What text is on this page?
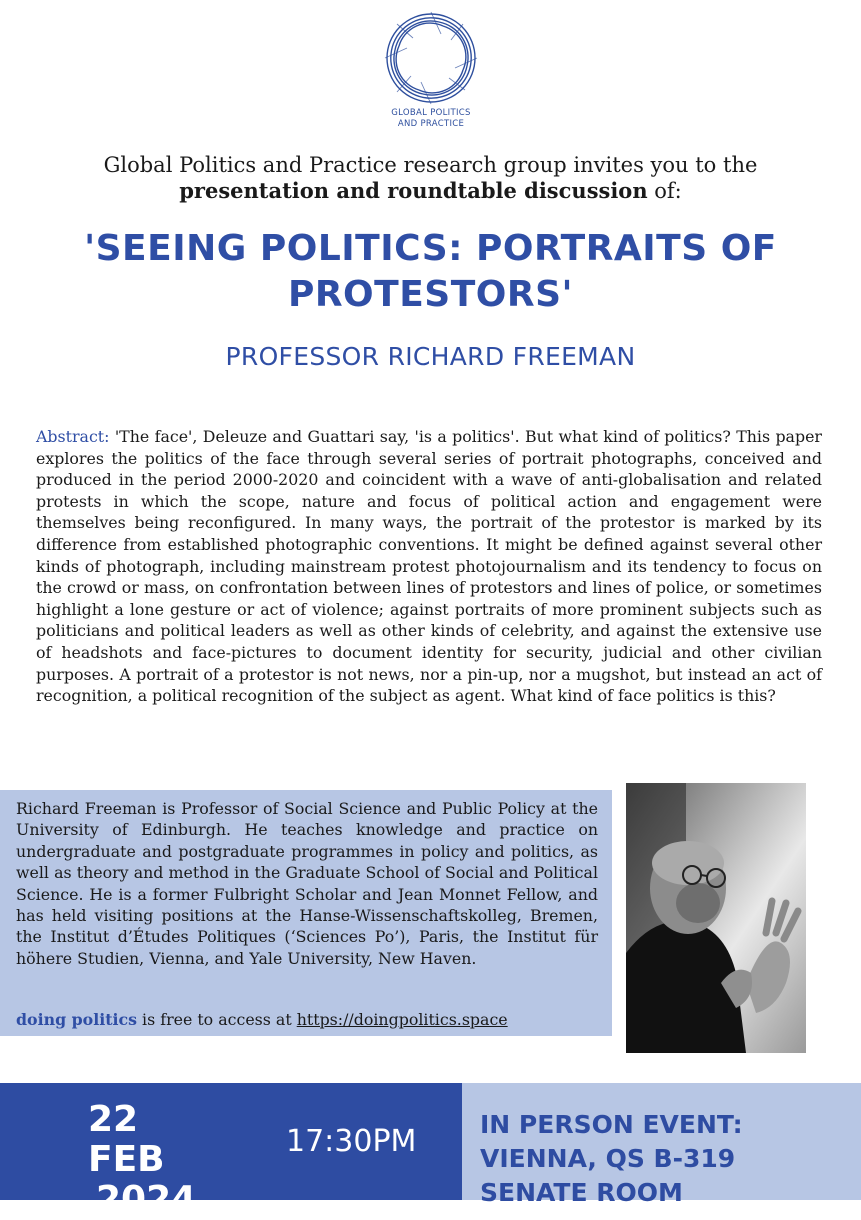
GLOBAL POLITICS
AND PRACTICE
Global Politics and Practice research group invites you to the
presentation and roundtable discussion of:
'SEEING POLITICS: PORTRAITS OF
PROTESTORS'
PROFESSOR RICHARD FREEMAN
Abstract: 'The face', Deleuze and Guattari say, 'is a politics'. But what kind of politics? This paper explores the politics of the face through several series of portrait photographs, conceived and produced in the period 2000-2020 and coincident with a wave of anti-globalisation and related protests in which the scope, nature and focus of political action and engagement were themselves being reconfigured. In many ways, the portrait of the protestor is marked by its difference from established photographic conventions. It might be defined against several other kinds of photograph, including mainstream protest photojournalism and its tendency to focus on the crowd or mass, on confrontation between lines of protestors and lines of police, or sometimes highlight a lone gesture or act of violence; against portraits of more prominent subjects such as politicians and political leaders as well as other kinds of celebrity, and against the extensive use of headshots and face-pictures to document identity for security, judicial and other civilian purposes. A portrait of a protestor is not news, nor a pin-up, nor a mugshot, but instead an act of recognition, a political recognition of the subject as agent. What kind of face politics is this?
Richard Freeman is Professor of Social Science and Public Policy at the University of Edinburgh. He teaches knowledge and practice on undergraduate and postgraduate programmes in policy and politics, as well as theory and method in the Graduate School of Social and Political Science. He is a former Fulbright Scholar and Jean Monnet Fellow, and has held visiting positions at the Hanse-Wissenschaftskolleg, Bremen, the Institut d’Études Politiques (‘Sciences Po’), Paris, the Institut für höhere Studien, Vienna, and Yale University, New Haven.
doing politics is free to access at https://doingpolitics.space
22 FEB
2024
17:30PM	IN PERSON EVENT:
VIENNA, QS B-319 SENATE ROOM
